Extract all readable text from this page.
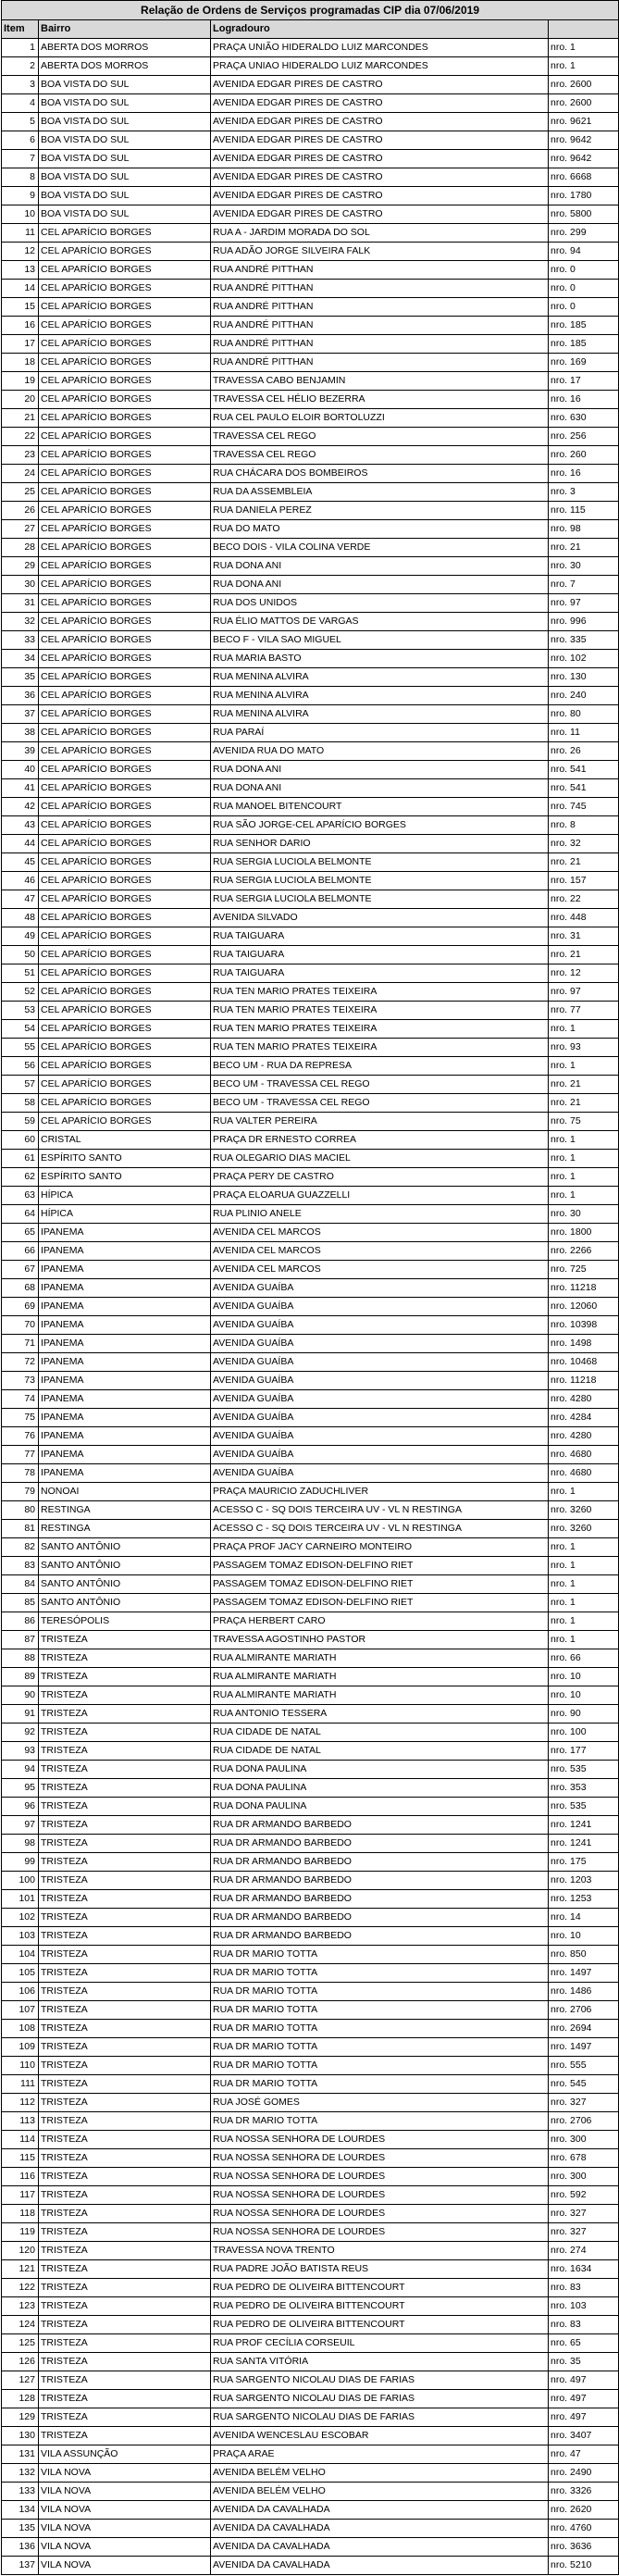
Relação de Ordens de Serviços programadas CIP dia 07/06/2019			
Item	Bairro	Logradouro	
1	ABERTA DOS MORROS	PRAÇA UNIÃO HIDERALDO LUIZ MARCONDES	nro. 1
2	ABERTA DOS MORROS	PRAÇA UNIAO HIDERALDO LUIZ MARCONDES	nro. 1
3	BOA VISTA DO SUL	AVENIDA EDGAR PIRES DE CASTRO	nro. 2600
4	BOA VISTA DO SUL	AVENIDA EDGAR PIRES DE CASTRO	nro. 2600
5	BOA VISTA DO SUL	AVENIDA EDGAR PIRES DE CASTRO	nro. 9621
6	BOA VISTA DO SUL	AVENIDA EDGAR PIRES DE CASTRO	nro. 9642
7	BOA VISTA DO SUL	AVENIDA EDGAR PIRES DE CASTRO	nro. 9642
8	BOA VISTA DO SUL	AVENIDA EDGAR PIRES DE CASTRO	nro. 6668
9	BOA VISTA DO SUL	AVENIDA EDGAR PIRES DE CASTRO	nro. 1780
10	BOA VISTA DO SUL	AVENIDA EDGAR PIRES DE CASTRO	nro. 5800
11	CEL APARÍCIO BORGES	RUA A - JARDIM MORADA DO SOL	nro. 299
12	CEL APARÍCIO BORGES	RUA ADÃO JORGE SILVEIRA FALK	nro. 94
13	CEL APARÍCIO BORGES	RUA ANDRÉ PITTHAN	nro. 0
14	CEL APARÍCIO BORGES	RUA ANDRÉ PITTHAN	nro. 0
15	CEL APARÍCIO BORGES	RUA ANDRÉ PITTHAN	nro. 0
16	CEL APARÍCIO BORGES	RUA ANDRÉ PITTHAN	nro. 185
17	CEL APARÍCIO BORGES	RUA ANDRÉ PITTHAN	nro. 185
18	CEL APARÍCIO BORGES	RUA ANDRÉ PITTHAN	nro. 169
19	CEL APARÍCIO BORGES	TRAVESSA CABO BENJAMIN	nro. 17
20	CEL APARÍCIO BORGES	TRAVESSA CEL HÉLIO BEZERRA	nro. 16
21	CEL APARÍCIO BORGES	RUA CEL PAULO ELOIR BORTOLUZZI	nro. 630
22	CEL APARÍCIO BORGES	TRAVESSA CEL REGO	nro. 256
23	CEL APARÍCIO BORGES	TRAVESSA CEL REGO	nro. 260
24	CEL APARÍCIO BORGES	RUA CHÁCARA DOS BOMBEIROS	nro. 16
25	CEL APARÍCIO BORGES	RUA DA ASSEMBLEIA	nro. 3
26	CEL APARÍCIO BORGES	RUA DANIELA PEREZ	nro. 115
27	CEL APARÍCIO BORGES	RUA DO MATO	nro. 98
28	CEL APARÍCIO BORGES	BECO DOIS - VILA COLINA VERDE	nro. 21
29	CEL APARÍCIO BORGES	RUA DONA ANI	nro. 30
30	CEL APARÍCIO BORGES	RUA DONA ANI	nro. 7
31	CEL APARÍCIO BORGES	RUA DOS UNIDOS	nro. 97
32	CEL APARÍCIO BORGES	RUA ÉLIO MATTOS DE VARGAS	nro. 996
33	CEL APARÍCIO BORGES	BECO F - VILA SAO MIGUEL	nro. 335
34	CEL APARÍCIO BORGES	RUA MARIA BASTO	nro. 102
35	CEL APARÍCIO BORGES	RUA MENINA ALVIRA	nro. 130
36	CEL APARÍCIO BORGES	RUA MENINA ALVIRA	nro. 240
37	CEL APARÍCIO BORGES	RUA MENINA ALVIRA	nro. 80
38	CEL APARÍCIO BORGES	RUA PARAÍ	nro. 11
39	CEL APARÍCIO BORGES	AVENIDA RUA DO MATO	nro. 26
40	CEL APARÍCIO BORGES	RUA DONA ANI	nro. 541
41	CEL APARÍCIO BORGES	RUA DONA ANI	nro. 541
42	CEL APARÍCIO BORGES	RUA MANOEL BITENCOURT	nro. 745
43	CEL APARÍCIO BORGES	RUA SÃO JORGE-CEL APARÍCIO BORGES	nro. 8
44	CEL APARÍCIO BORGES	RUA SENHOR DARIO	nro. 32
45	CEL APARÍCIO BORGES	RUA SERGIA LUCIOLA BELMONTE	nro. 21
46	CEL APARÍCIO BORGES	RUA SERGIA LUCIOLA BELMONTE	nro. 157
47	CEL APARÍCIO BORGES	RUA SERGIA LUCIOLA BELMONTE	nro. 22
48	CEL APARÍCIO BORGES	AVENIDA SILVADO	nro. 448
49	CEL APARÍCIO BORGES	RUA TAIGUARA	nro. 31
50	CEL APARÍCIO BORGES	RUA TAIGUARA	nro. 21
51	CEL APARÍCIO BORGES	RUA TAIGUARA	nro. 12
52	CEL APARÍCIO BORGES	RUA TEN MARIO PRATES TEIXEIRA	nro. 97
53	CEL APARÍCIO BORGES	RUA TEN MARIO PRATES TEIXEIRA	nro. 77
54	CEL APARÍCIO BORGES	RUA TEN MARIO PRATES TEIXEIRA	nro. 1
55	CEL APARÍCIO BORGES	RUA TEN MARIO PRATES TEIXEIRA	nro. 93
56	CEL APARÍCIO BORGES	BECO UM - RUA DA REPRESA	nro. 1
57	CEL APARÍCIO BORGES	BECO UM - TRAVESSA CEL REGO	nro. 21
58	CEL APARÍCIO BORGES	BECO UM - TRAVESSA CEL REGO	nro. 21
59	CEL APARÍCIO BORGES	RUA VALTER PEREIRA	nro. 75
60	CRISTAL	PRAÇA DR ERNESTO CORREA	nro. 1
61	ESPÍRITO SANTO	RUA OLEGARIO DIAS MACIEL	nro. 1
62	ESPÍRITO SANTO	PRAÇA PERY DE CASTRO	nro. 1
63	HÍPICA	PRAÇA ELOARUA GUAZZELLI	nro. 1
64	HÍPICA	RUA PLINIO ANELE	nro. 30
65	IPANEMA	AVENIDA CEL MARCOS	nro. 1800
66	IPANEMA	AVENIDA CEL MARCOS	nro. 2266
67	IPANEMA	AVENIDA CEL MARCOS	nro. 725
68	IPANEMA	AVENIDA GUAÍBA	nro. 11218
69	IPANEMA	AVENIDA GUAÍBA	nro. 12060
70	IPANEMA	AVENIDA GUAÍBA	nro. 10398
71	IPANEMA	AVENIDA GUAÍBA	nro. 1498
72	IPANEMA	AVENIDA GUAÍBA	nro. 10468
73	IPANEMA	AVENIDA GUAÍBA	nro. 11218
74	IPANEMA	AVENIDA GUAÍBA	nro. 4280
75	IPANEMA	AVENIDA GUAÍBA	nro. 4284
76	IPANEMA	AVENIDA GUAÍBA	nro. 4280
77	IPANEMA	AVENIDA GUAÍBA	nro. 4680
78	IPANEMA	AVENIDA GUAÍBA	nro. 4680
79	NONOAI	PRAÇA MAURICIO ZADUCHLIVER	nro. 1
80	RESTINGA	ACESSO C - SQ DOIS TERCEIRA UV - VL N RESTINGA	nro. 3260
81	RESTINGA	ACESSO C - SQ DOIS TERCEIRA UV - VL N RESTINGA	nro. 3260
82	SANTO ANTÔNIO	PRAÇA PROF JACY CARNEIRO MONTEIRO	nro. 1
83	SANTO ANTÔNIO	PASSAGEM TOMAZ EDISON-DELFINO RIET	nro. 1
84	SANTO ANTÔNIO	PASSAGEM TOMAZ EDISON-DELFINO RIET	nro. 1
85	SANTO ANTÔNIO	PASSAGEM TOMAZ EDISON-DELFINO RIET	nro. 1
86	TERESÓPOLIS	PRAÇA HERBERT CARO	nro. 1
87	TRISTEZA	TRAVESSA AGOSTINHO PASTOR	nro. 1
88	TRISTEZA	RUA ALMIRANTE MARIATH	nro. 66
89	TRISTEZA	RUA ALMIRANTE MARIATH	nro. 10
90	TRISTEZA	RUA ALMIRANTE MARIATH	nro. 10
91	TRISTEZA	RUA ANTONIO TESSERA	nro. 90
92	TRISTEZA	RUA CIDADE DE NATAL	nro. 100
93	TRISTEZA	RUA CIDADE DE NATAL	nro. 177
94	TRISTEZA	RUA DONA PAULINA	nro. 535
95	TRISTEZA	RUA DONA PAULINA	nro. 353
96	TRISTEZA	RUA DONA PAULINA	nro. 535
97	TRISTEZA	RUA DR ARMANDO BARBEDO	nro. 1241
98	TRISTEZA	RUA DR ARMANDO BARBEDO	nro. 1241
99	TRISTEZA	RUA DR ARMANDO BARBEDO	nro. 175
100	TRISTEZA	RUA DR ARMANDO BARBEDO	nro. 1203
101	TRISTEZA	RUA DR ARMANDO BARBEDO	nro. 1253
102	TRISTEZA	RUA DR ARMANDO BARBEDO	nro. 14
103	TRISTEZA	RUA DR ARMANDO BARBEDO	nro. 10
104	TRISTEZA	RUA DR MARIO TOTTA	nro. 850
105	TRISTEZA	RUA DR MARIO TOTTA	nro. 1497
106	TRISTEZA	RUA DR MARIO TOTTA	nro. 1486
107	TRISTEZA	RUA DR MARIO TOTTA	nro. 2706
108	TRISTEZA	RUA DR MARIO TOTTA	nro. 2694
109	TRISTEZA	RUA DR MARIO TOTTA	nro. 1497
110	TRISTEZA	RUA DR MARIO TOTTA	nro. 555
111	TRISTEZA	RUA DR MARIO TOTTA	nro. 545
112	TRISTEZA	RUA JOSÉ GOMES	nro. 327
113	TRISTEZA	RUA DR MARIO TOTTA	nro. 2706
114	TRISTEZA	RUA NOSSA SENHORA DE LOURDES	nro. 300
115	TRISTEZA	RUA NOSSA SENHORA DE LOURDES	nro. 678
116	TRISTEZA	RUA NOSSA SENHORA DE LOURDES	nro. 300
117	TRISTEZA	RUA NOSSA SENHORA DE LOURDES	nro. 592
118	TRISTEZA	RUA NOSSA SENHORA DE LOURDES	nro. 327
119	TRISTEZA	RUA NOSSA SENHORA DE LOURDES	nro. 327
120	TRISTEZA	TRAVESSA NOVA TRENTO	nro. 274
121	TRISTEZA	RUA PADRE JOÃO BATISTA REUS	nro. 1634
122	TRISTEZA	RUA PEDRO DE OLIVEIRA BITTENCOURT	nro. 83
123	TRISTEZA	RUA PEDRO DE OLIVEIRA BITTENCOURT	nro. 103
124	TRISTEZA	RUA PEDRO DE OLIVEIRA BITTENCOURT	nro. 83
125	TRISTEZA	RUA PROF CECÍLIA CORSEUIL	nro. 65
126	TRISTEZA	RUA SANTA VITÓRIA	nro. 35
127	TRISTEZA	RUA SARGENTO NICOLAU DIAS DE FARIAS	nro. 497
128	TRISTEZA	RUA SARGENTO NICOLAU DIAS DE FARIAS	nro. 497
129	TRISTEZA	RUA SARGENTO NICOLAU DIAS DE FARIAS	nro. 497
130	TRISTEZA	AVENIDA WENCESLAU ESCOBAR	nro. 3407
131	VILA ASSUNÇÃO	PRAÇA ARAE	nro. 47
132	VILA NOVA	AVENIDA BELÉM VELHO	nro. 2490
133	VILA NOVA	AVENIDA BELÉM VELHO	nro. 3326
134	VILA NOVA	AVENIDA DA CAVALHADA	nro. 2620
135	VILA NOVA	AVENIDA DA CAVALHADA	nro. 4760
136	VILA NOVA	AVENIDA DA CAVALHADA	nro. 3636
137	VILA NOVA	AVENIDA DA CAVALHADA	nro. 5210
